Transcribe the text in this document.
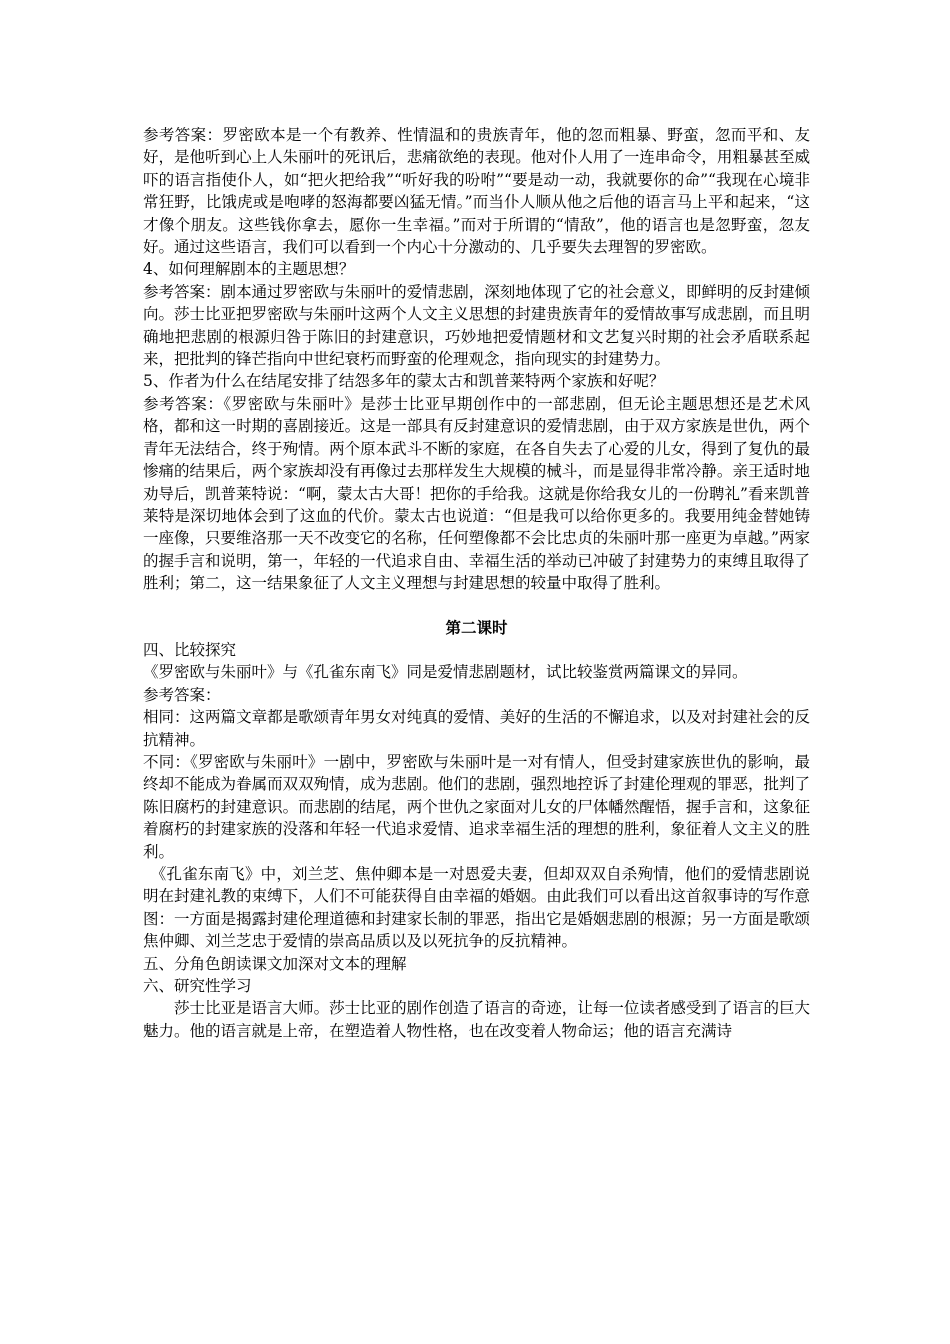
参考答案：罗密欧本是一个有教养、性情温和的贵族青年，他的忽而粗暴、野蛮，忽而平和、友好，是他听到心上人朱丽叶的死讯后，悲痛欲绝的表现。他对仆人用了一连串命令，用粗暴甚至威吓的语言指使仆人，如“把火把给我”“听好我的吩咐”“要是动一动，我就要你的命”“我现在心境非常狂野，比饿虎或是咆哮的怒海都要凶猛无情。”而当仆人顺从他之后他的语言马上平和起来，“这才像个朋友。这些钱你拿去，愿你一生幸福。”而对于所谓的“情敌”，他的语言也是忽野蛮，忽友好。通过这些语言，我们可以看到一个内心十分激动的、几乎要失去理智的罗密欧。

4、如何理解剧本的主题思想？

参考答案：剧本通过罗密欧与朱丽叶的爱情悲剧，深刻地体现了它的社会意义，即鲜明的反封建倾向。莎士比亚把罗密欧与朱丽叶这两个人文主义思想的封建贵族青年的爱情故事写成悲剧，而且明确地把悲剧的根源归咎于陈旧的封建意识，巧妙地把爱情题材和文艺复兴时期的社会矛盾联系起来，把批判的锋芒指向中世纪衰朽而野蛮的伦理观念，指向现实的封建势力。

5、作者为什么在结尾安排了结怨多年的蒙太古和凯普莱特两个家族和好呢？

参考答案：《罗密欧与朱丽叶》是莎士比亚早期创作中的一部悲剧，但无论主题思想还是艺术风格，都和这一时期的喜剧接近。这是一部具有反封建意识的爱情悲剧，由于双方家族是世仇，两个青年无法结合，终于殉情。两个原本武斗不断的家庭，在各自失去了心爱的儿女，得到了复仇的最惨痛的结果后，两个家族却没有再像过去那样发生大规模的械斗，而是显得非常冷静。亲王适时地劝导后，凯普莱特说：“啊，蒙太古大哥！把你的手给我。这就是你给我女儿的一份聘礼”看来凯普莱特是深切地体会到了这血的代价。蒙太古也说道：“但是我可以给你更多的。我要用纯金替她铸一座像，只要维洛那一天不改变它的名称，任何塑像都不会比忠贞的朱丽叶那一座更为卓越。”两家的握手言和说明，第一，年轻的一代追求自由、幸福生活的举动已冲破了封建势力的束缚且取得了胜利；第二，这一结果象征了人文主义理想与封建思想的较量中取得了胜利。

第二课时

四、比较探究

《罗密欧与朱丽叶》与《孔雀东南飞》同是爱情悲剧题材，试比较鉴赏两篇课文的异同。

参考答案：

相同：这两篇文章都是歌颂青年男女对纯真的爱情、美好的生活的不懈追求，以及对封建社会的反抗精神。

不同：《罗密欧与朱丽叶》一剧中，罗密欧与朱丽叶是一对有情人，但受封建家族世仇的影响，最终却不能成为眷属而双双殉情，成为悲剧。他们的悲剧，强烈地控诉了封建伦理观的罪恶，批判了陈旧腐朽的封建意识。而悲剧的结尾，两个世仇之家面对儿女的尸体幡然醒悟，握手言和，这象征着腐朽的封建家族的没落和年轻一代追求爱情、追求幸福生活的理想的胜利，象征着人文主义的胜利。

《孔雀东南飞》中，刘兰芝、焦仲卿本是一对恩爱夫妻，但却双双自杀殉情，他们的爱情悲剧说明在封建礼教的束缚下，人们不可能获得自由幸福的婚姻。由此我们可以看出这首叙事诗的写作意图：一方面是揭露封建伦理道德和封建家长制的罪恶，指出它是婚姻悲剧的根源；另一方面是歌颂焦仲卿、刘兰芝忠于爱情的崇高品质以及以死抗争的反抗精神。

五、分角色朗读课文加深对文本的理解

六、研究性学习

莎士比亚是语言大师。莎士比亚的剧作创造了语言的奇迹，让每一位读者感受到了语言的巨大魅力。他的语言就是上帝，在塑造着人物性格，也在改变着人物命运；他的语言充满诗
